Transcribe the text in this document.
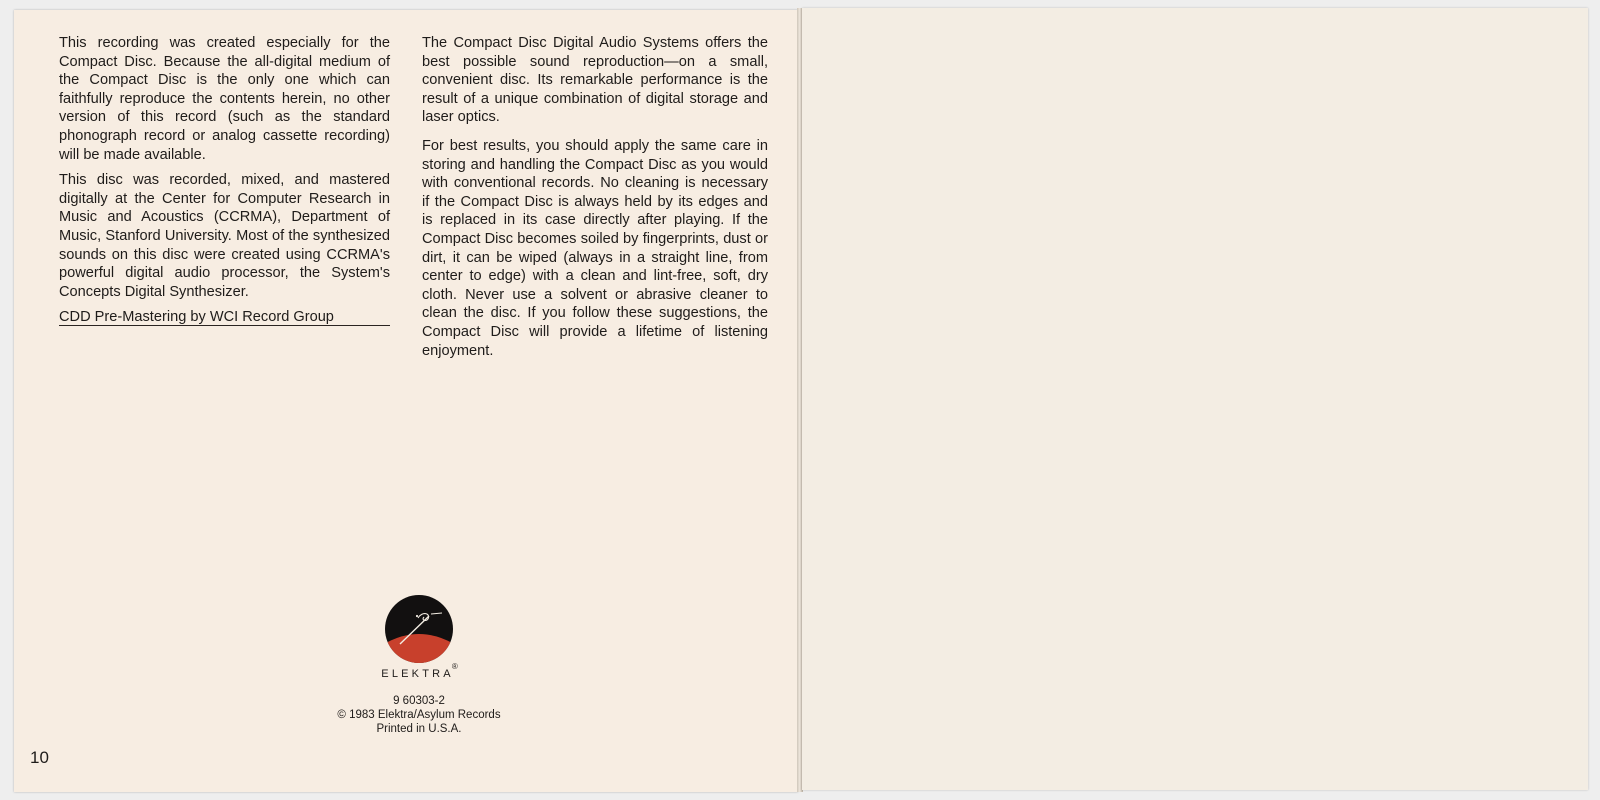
This recording was created especially for the Compact Disc. Because the all-digital medium of the Compact Disc is the only one which can faithfully reproduce the contents herein, no other version of this record (such as the standard phonograph record or analog cassette recording) will be made available.

This disc was recorded, mixed, and mastered digitally at the Center for Computer Research in Music and Acoustics (CCRMA), Department of Music, Stanford University. Most of the synthesized sounds on this disc were created using CCRMA's powerful digital audio processor, the System's Concepts Digital Synthesizer.

CDD Pre-Mastering by WCI Record Group

The Compact Disc Digital Audio Systems offers the best possible sound reproduction—on a small, convenient disc. Its remarkable performance is the result of a unique combination of digital storage and laser optics.

For best results, you should apply the same care in storing and handling the Compact Disc as you would with conventional records. No cleaning is necessary if the Compact Disc is always held by its edges and is replaced in its case directly after playing. If the Compact Disc becomes soiled by fingerprints, dust or dirt, it can be wiped (always in a straight line, from center to edge) with a clean and lint-free, soft, dry cloth. Never use a solvent or abrasive cleaner to clean the disc. If you follow these suggestions, the Compact Disc will provide a lifetime of listening enjoyment.

ELEKTRA®
9 60303-2
© 1983 Elektra/Asylum Records
Printed in U.S.A.
10
